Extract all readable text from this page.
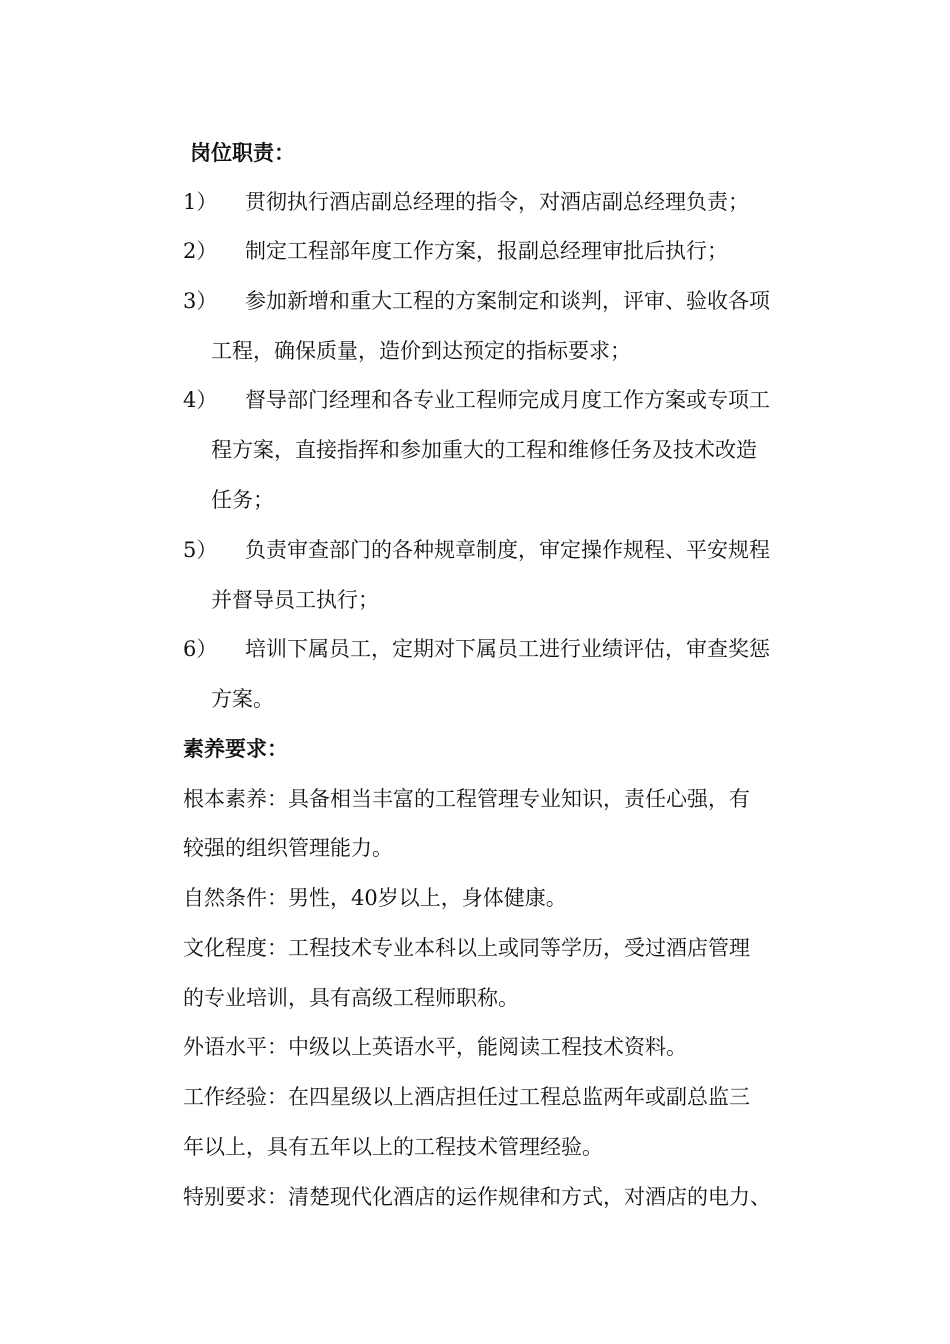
岗位职责：
1） 贯彻执行酒店副总经理的指令，对酒店副总经理负责；
2） 制定工程部年度工作方案，报副总经理审批后执行；
3） 参加新增和重大工程的方案制定和谈判，评审、验收各项
工程，确保质量，造价到达预定的指标要求；
4） 督导部门经理和各专业工程师完成月度工作方案或专项工
程方案，直接指挥和参加重大的工程和维修任务及技术改造
任务；
5） 负责审查部门的各种规章制度，审定操作规程、平安规程
并督导员工执行；
6） 培训下属员工，定期对下属员工进行业绩评估，审查奖惩
方案。
素养要求：
根本素养：具备相当丰富的工程管理专业知识，责任心强，有
较强的组织管理能力。
自然条件：男性，40岁以上，身体健康。
文化程度：工程技术专业本科以上或同等学历，受过酒店管理
的专业培训，具有高级工程师职称。
外语水平：中级以上英语水平，能阅读工程技术资料。
工作经验：在四星级以上酒店担任过工程总监两年或副总监三
年以上，具有五年以上的工程技术管理经验。
特别要求：清楚现代化酒店的运作规律和方式，对酒店的电力、
